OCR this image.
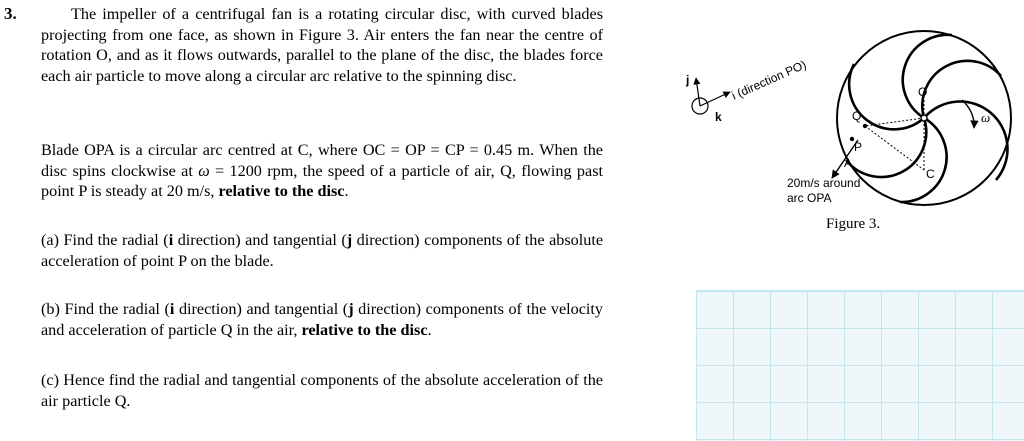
3.	The impeller of a centrifugal fan is a rotating circular disc, with curved blades projecting from one face, as shown in Figure 3. Air enters the fan near the centre of rotation O, and as it flows outwards, parallel to the plane of the disc, the blades force each air particle to move along a circular arc relative to the spinning disc.

Blade OPA is a circular arc centred at C, where OC = OP = CP = 0.45 m. When the disc spins clockwise at ω = 1200 rpm, the speed of a particle of air, Q, flowing past point P is steady at 20 m/s, relative to the disc.

(a) Find the radial (i direction) and tangential (j direction) components of the absolute acceleration of point P on the blade.

(b) Find the radial (i direction) and tangential (j direction) components of the velocity and acceleration of particle Q in the air, relative to the disc.

(c) Hence find the radial and tangential components of the absolute acceleration of the air particle Q.

j
k
i (direction PO)	O
Q
P
A
C
ω
20m/s around
arc OPA
Figure 3.
